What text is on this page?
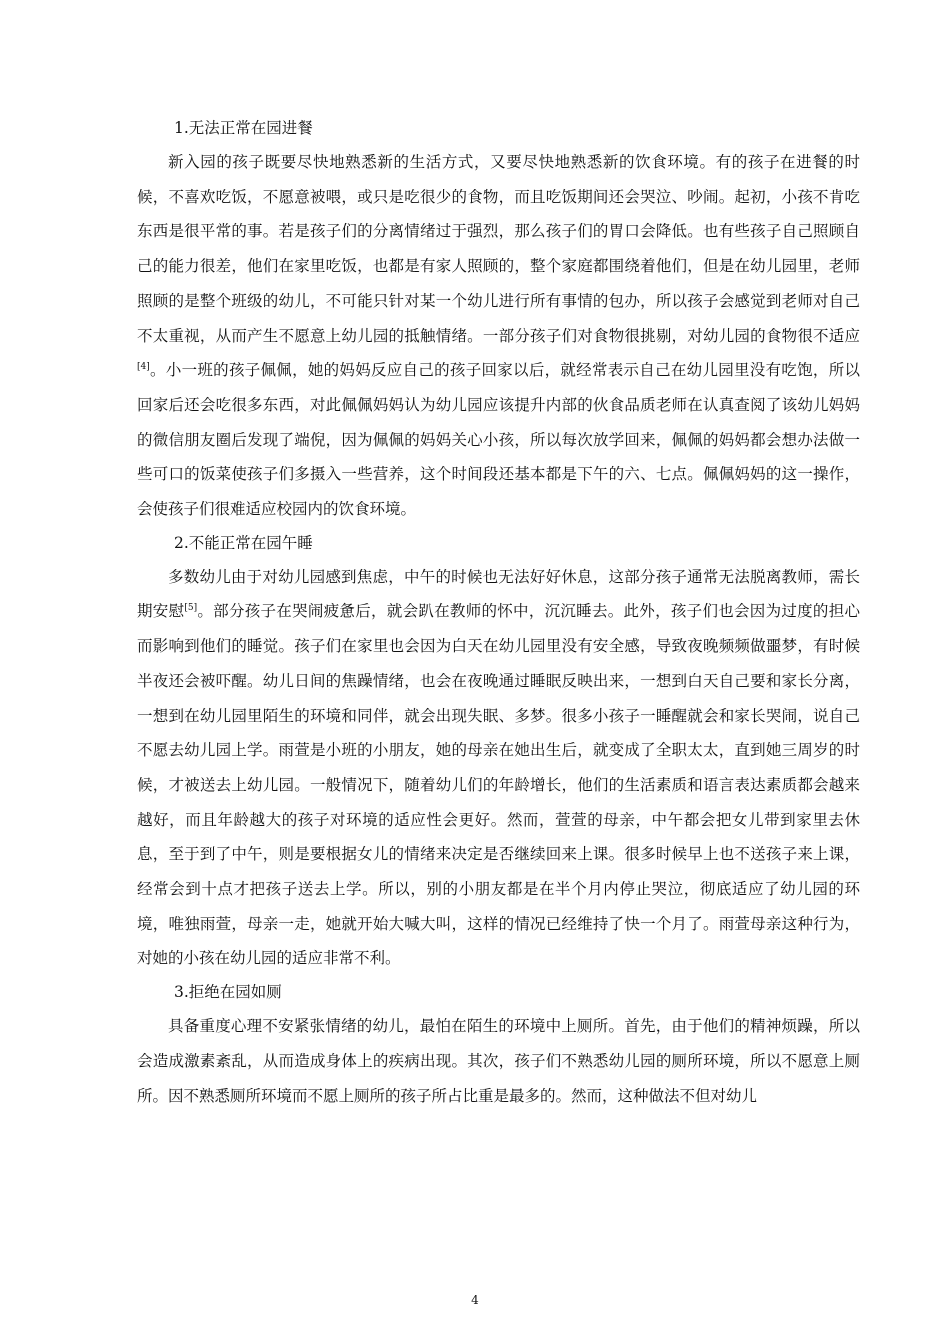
1.无法正常在园进餐

新入园的孩子既要尽快地熟悉新的生活方式，又要尽快地熟悉新的饮食环境。有的孩子在进餐的时候，不喜欢吃饭，不愿意被喂，或只是吃很少的食物，而且吃饭期间还会哭泣、吵闹。起初，小孩不肯吃东西是很平常的事。若是孩子们的分离情绪过于强烈，那么孩子们的胃口会降低。也有些孩子自己照顾自己的能力很差，他们在家里吃饭，也都是有家人照顾的，整个家庭都围绕着他们，但是在幼儿园里，老师照顾的是整个班级的幼儿，不可能只针对某一个幼儿进行所有事情的包办，所以孩子会感觉到老师对自己不太重视，从而产生不愿意上幼儿园的抵触情绪。一部分孩子们对食物很挑剔，对幼儿园的食物很不适应[4]。小一班的孩子佩佩，她的妈妈反应自己的孩子回家以后，就经常表示自己在幼儿园里没有吃饱，所以回家后还会吃很多东西，对此佩佩妈妈认为幼儿园应该提升内部的伙食品质老师在认真查阅了该幼儿妈妈的微信朋友圈后发现了端倪，因为佩佩的妈妈关心小孩，所以每次放学回来，佩佩的妈妈都会想办法做一些可口的饭菜使孩子们多摄入一些营养，这个时间段还基本都是下午的六、七点。佩佩妈妈的这一操作，会使孩子们很难适应校园内的饮食环境。

2.不能正常在园午睡

多数幼儿由于对幼儿园感到焦虑，中午的时候也无法好好休息，这部分孩子通常无法脱离教师，需长期安慰[5]。部分孩子在哭闹疲惫后，就会趴在教师的怀中，沉沉睡去。此外，孩子们也会因为过度的担心而影响到他们的睡觉。孩子们在家里也会因为白天在幼儿园里没有安全感，导致夜晚频频做噩梦，有时候半夜还会被吓醒。幼儿日间的焦躁情绪，也会在夜晚通过睡眠反映出来，一想到白天自己要和家长分离，一想到在幼儿园里陌生的环境和同伴，就会出现失眠、多梦。很多小孩子一睡醒就会和家长哭闹，说自己不愿去幼儿园上学。雨萱是小班的小朋友，她的母亲在她出生后，就变成了全职太太，直到她三周岁的时候，才被送去上幼儿园。一般情况下，随着幼儿们的年龄增长，他们的生活素质和语言表达素质都会越来越好，而且年龄越大的孩子对环境的适应性会更好。然而，萱萱的母亲，中午都会把女儿带到家里去休息，至于到了中午，则是要根据女儿的情绪来决定是否继续回来上课。很多时候早上也不送孩子来上课，经常会到十点才把孩子送去上学。所以，别的小朋友都是在半个月内停止哭泣，彻底适应了幼儿园的环境，唯独雨萱，母亲一走，她就开始大喊大叫，这样的情况已经维持了快一个月了。雨萱母亲这种行为，对她的小孩在幼儿园的适应非常不利。

3.拒绝在园如厕

具备重度心理不安紧张情绪的幼儿，最怕在陌生的环境中上厕所。首先，由于他们的精神烦躁，所以会造成激素紊乱，从而造成身体上的疾病出现。其次，孩子们不熟悉幼儿园的厕所环境，所以不愿意上厕所。因不熟悉厕所环境而不愿上厕所的孩子所占比重是最多的。然而，这种做法不但对幼儿

4
